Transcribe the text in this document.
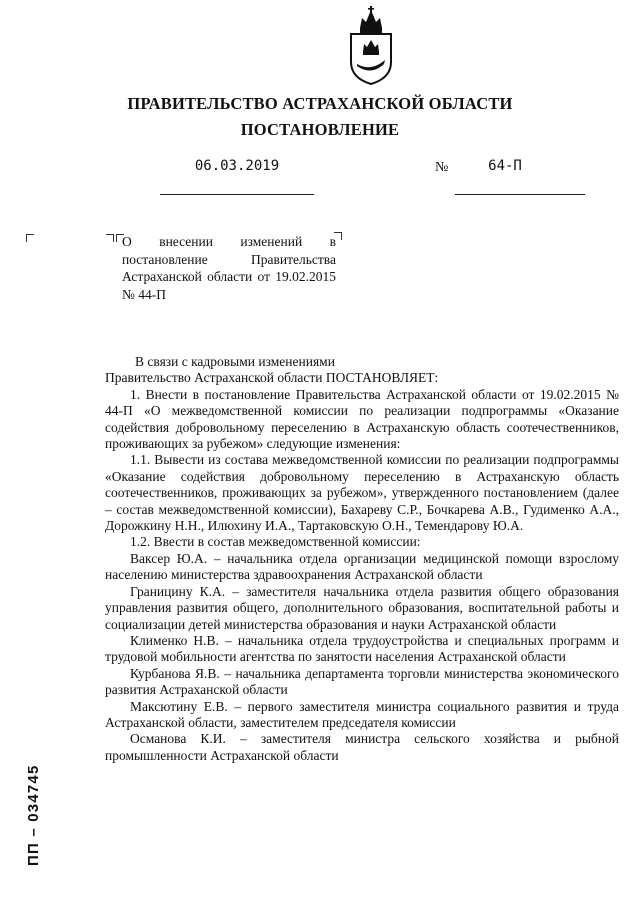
ПРАВИТЕЛЬСТВО АСТРАХАНСКОЙ ОБЛАСТИ
ПОСТАНОВЛЕНИЕ
06.03.2019	№	64-П
О внесении изменений в постановление Правительства Астраханской области от 19.02.2015 № 44-П

В связи с кадровыми изменениями

Правительство Астраханской области ПОСТАНОВЛЯЕТ:

1. Внести в постановление Правительства Астраханской области от 19.02.2015 № 44-П «О межведомственной комиссии по реализации подпрограммы «Оказание содействия добровольному переселению в Астраханскую область соотечественников, проживающих за рубежом» следующие изменения:

1.1. Вывести из состава межведомственной комиссии по реализации подпрограммы «Оказание содействия добровольному переселению в Астраханскую область соотечественников, проживающих за рубежом», утвержденного постановлением (далее – состав межведомственной комиссии), Бахареву С.Р., Бочкарева А.В., Гудименко А.А., Дорожкину Н.Н., Илюхину И.А., Тартаковскую О.Н., Темендарову Ю.А.

1.2. Ввести в состав межведомственной комиссии:

Ваксер Ю.А. – начальника отдела организации медицинской помощи взрослому населению министерства здравоохранения Астраханской области

Границину К.А. – заместителя начальника отдела развития общего образования управления развития общего, дополнительного образования, воспитательной работы и социализации детей министерства образования и науки Астраханской области

Клименко Н.В. – начальника отдела трудоустройства и специальных программ и трудовой мобильности агентства по занятости населения Астраханской области

Курбанова Я.В. – начальника департамента торговли министерства экономического развития Астраханской области

Максютину Е.В. – первого заместителя министра социального развития и труда Астраханской области, заместителем председателя комиссии

Османова К.И. – заместителя министра сельского хозяйства и рыбной промышленности Астраханской области

ПП – 034745
